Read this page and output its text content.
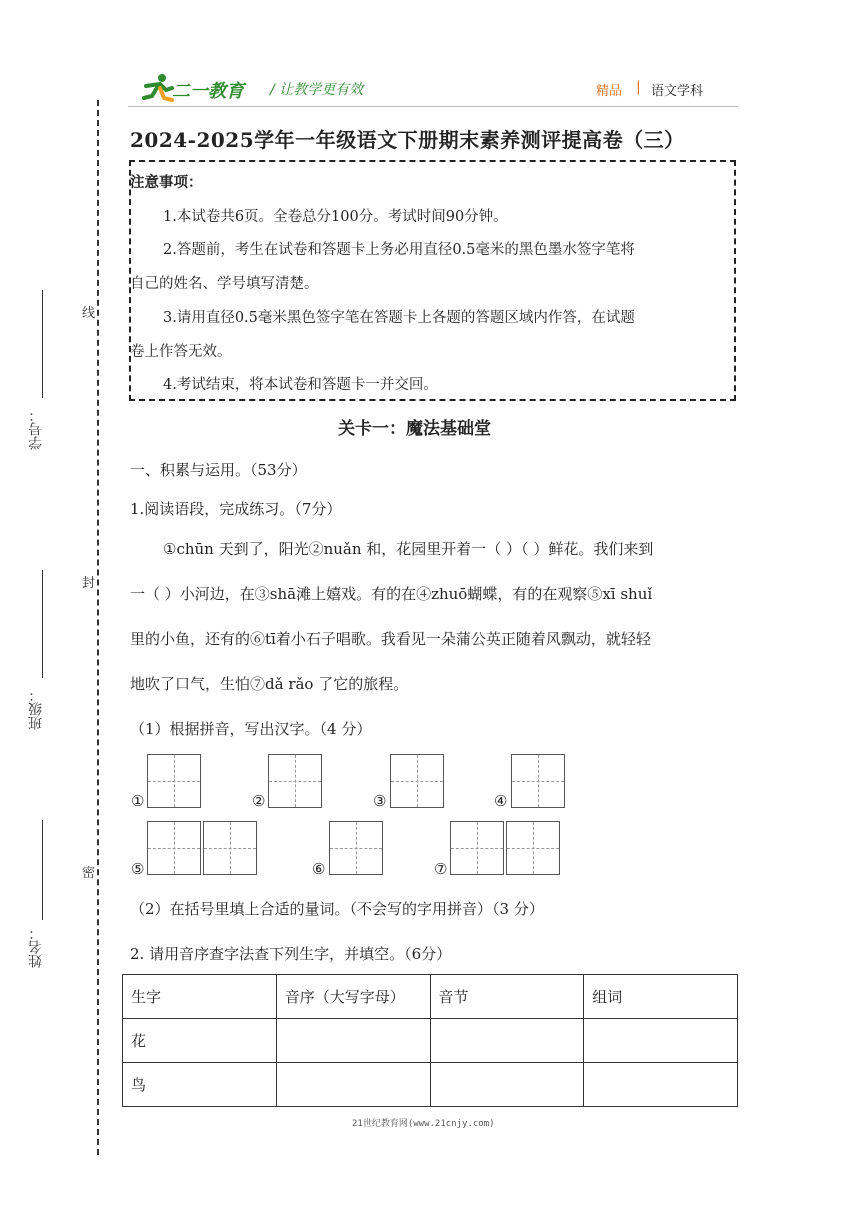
线
封
密
学号：
班级：
姓名：
二一教育 / 让教学更有效	精品 | 语文学科
2024-2025学年一年级语文下册期末素养测评提高卷（三）
注意事项：
1.本试卷共6页。全卷总分100分。考试时间90分钟。
2.答题前，考生在试卷和答题卡上务必用直径0.5毫米的黑色墨水签字笔将
自己的姓名、学号填写清楚。
3.请用直径0.5毫米黑色签字笔在答题卡上各题的答题区域内作答，在试题
卷上作答无效。
4.考试结束，将本试卷和答题卡一并交回。
关卡一：魔法基础堂
一、积累与运用。（53分）
1.阅读语段，完成练习。（7分）
①chūn 天到了，阳光②nuǎn 和，花园里开着一（ ）（ ）鲜花。我们来到
一（ ）小河边，在③shā滩上嬉戏。有的在④zhuō蝴蝶，有的在观察⑤xī shuǐ
里的小鱼，还有的⑥tī着小石子唱歌。我看见一朵蒲公英正随着风飘动，就轻轻
地吹了口气，生怕⑦dǎ rǎo 了它的旅程。
（1）根据拼音，写出汉字。（4 分）
①	②	③	④
⑤	⑥	⑦
（2）在括号里填上合适的量词。（不会写的字用拼音）（3 分）
2. 请用音序查字法查下列生字，并填空。（6分）
生字	音序（大写字母）	音节	组词
花			
鸟			
21世纪教育网(www.21cnjy.com)
